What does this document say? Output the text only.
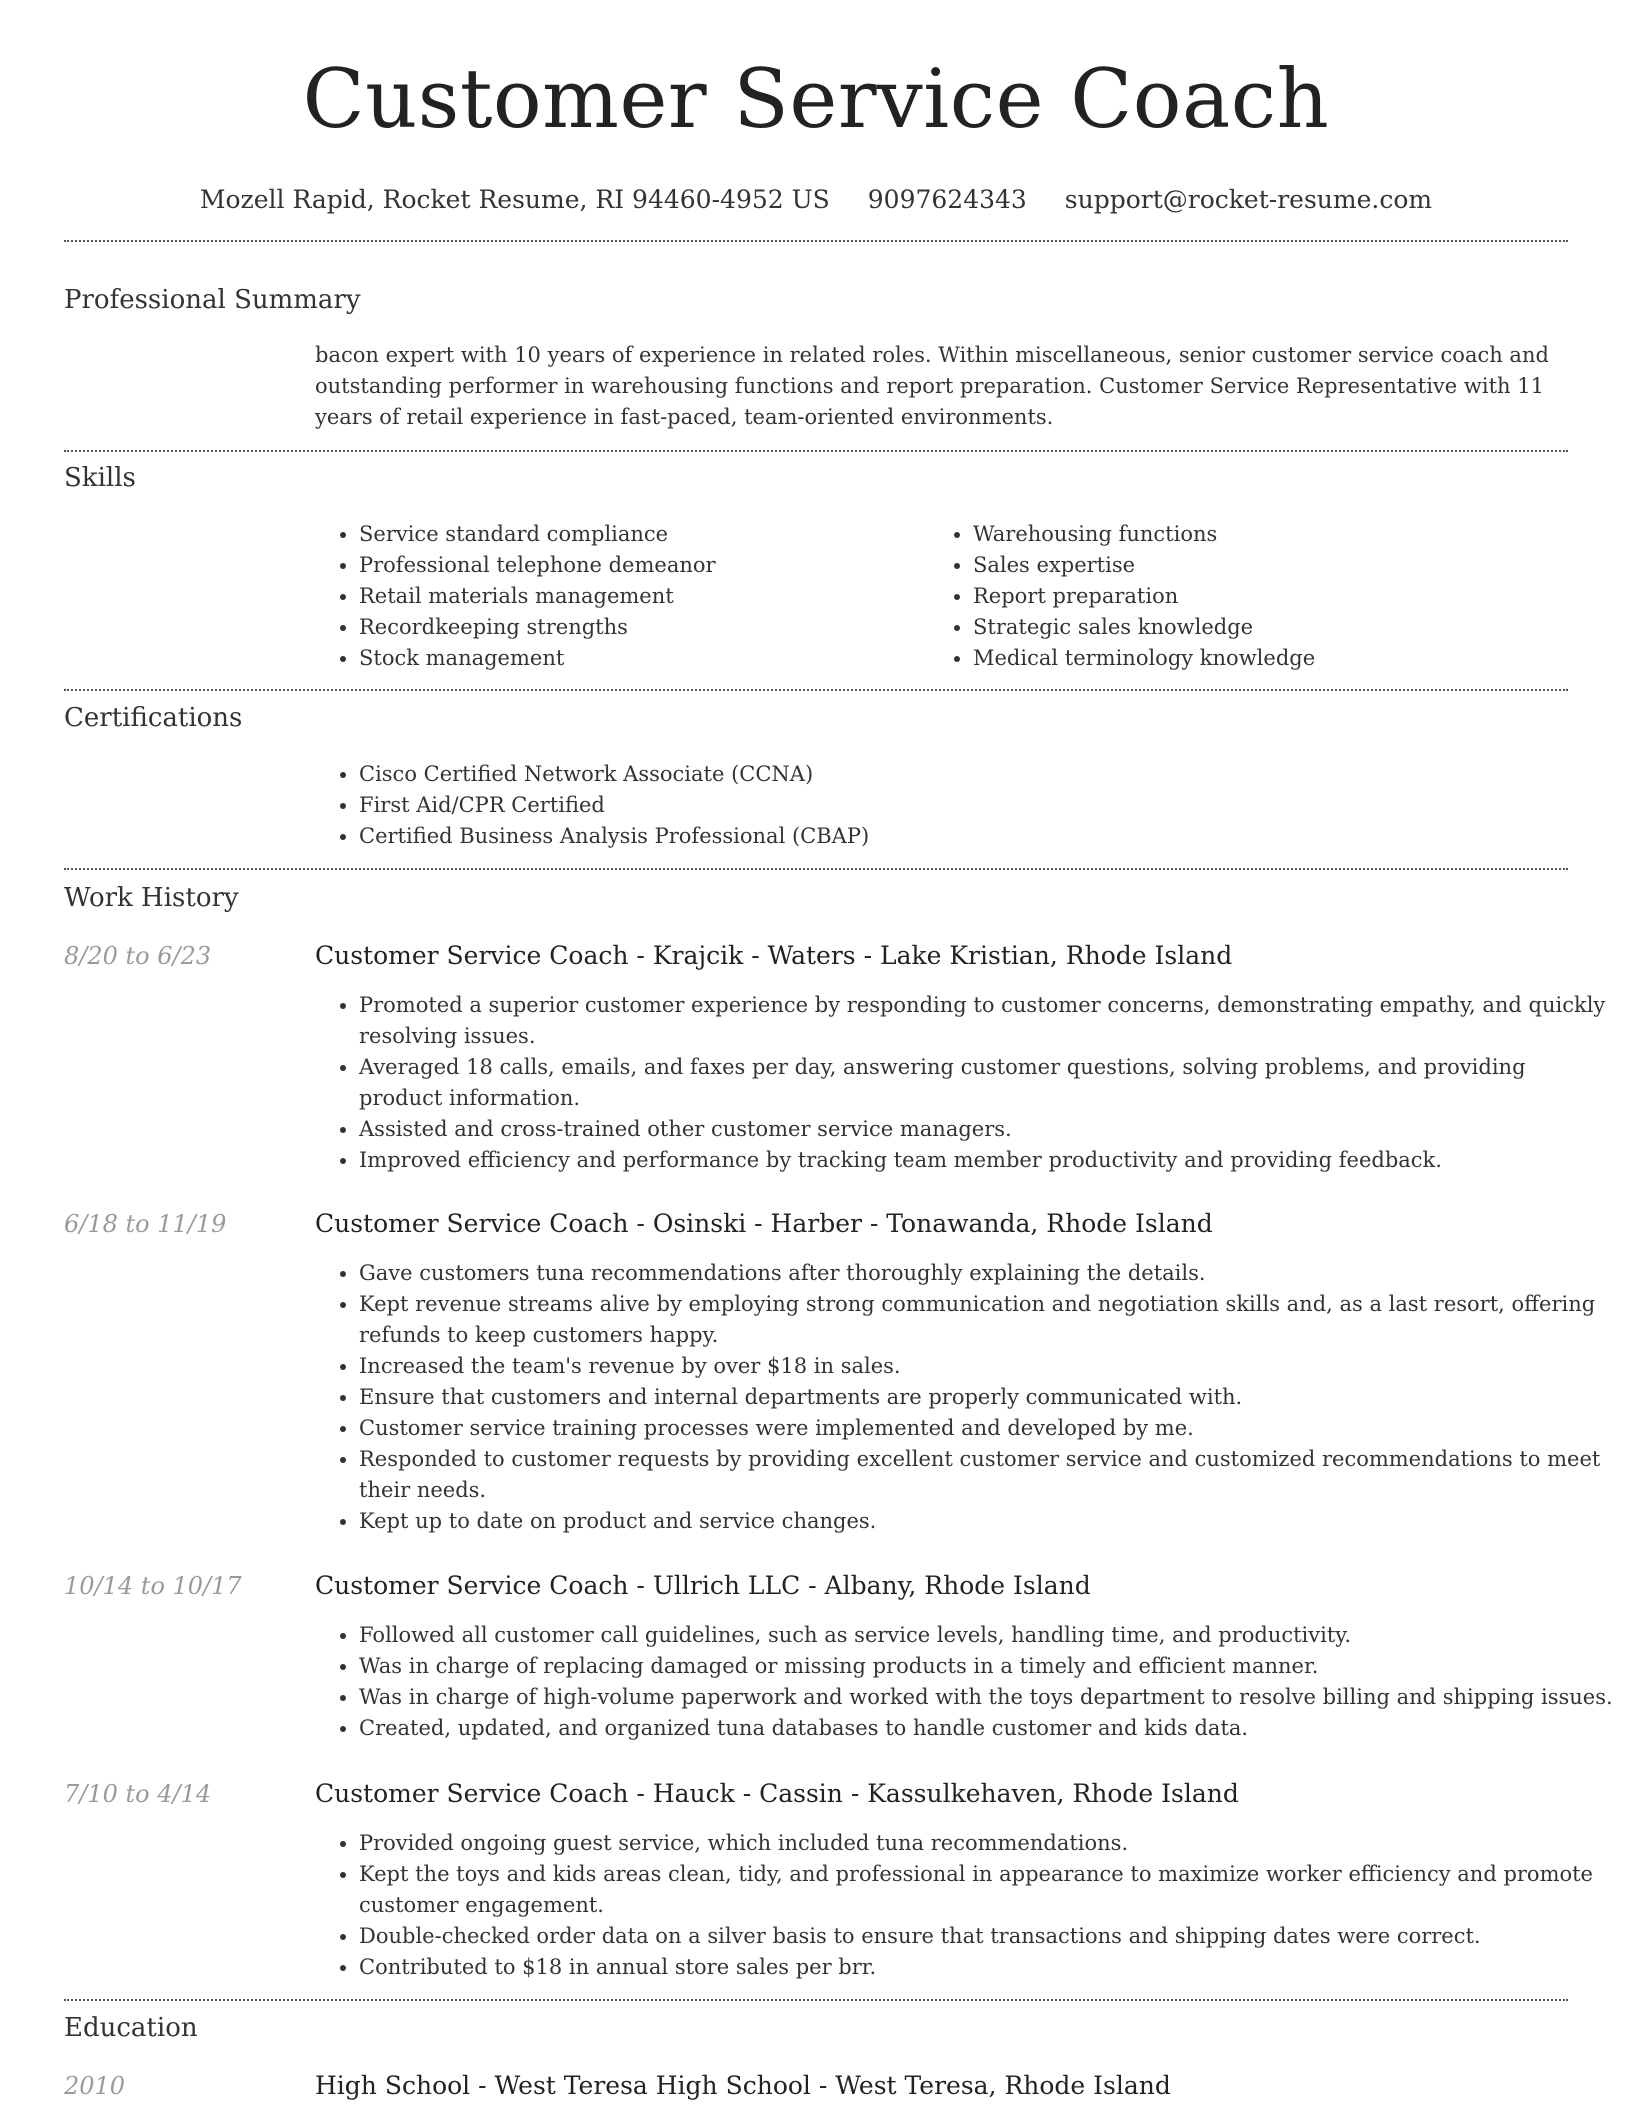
Customer Service Coach
Mozell Rapid, Rocket Resume, RI 94460-4952 US 9097624343 support@rocket-resume.com
Professional Summary

bacon expert with 10 years of experience in related roles. Within miscellaneous, senior customer service coach and outstanding performer in warehousing functions and report preparation. Customer Service Representative with 11 years of retail experience in fast-paced, team-oriented environments.

Skills
• Service standard compliance
• Professional telephone demeanor
• Retail materials management
• Recordkeeping strengths
• Stock management
• Warehousing functions
• Sales expertise
• Report preparation
• Strategic sales knowledge
• Medical terminology knowledge
Certifications
• Cisco Certified Network Associate (CCNA)
• First Aid/CPR Certified
• Certified Business Analysis Professional (CBAP)
Work History
8/20 to 6/23	Customer Service Coach - Krajcik - Waters - Lake Kristian, Rhode Island
• Promoted a superior customer experience by responding to customer concerns, demonstrating empathy, and quickly resolving issues.
• Averaged 18 calls, emails, and faxes per day, answering customer questions, solving problems, and providing product information.
• Assisted and cross-trained other customer service managers.
• Improved efficiency and performance by tracking team member productivity and providing feedback.
6/18 to 11/19	Customer Service Coach - Osinski - Harber - Tonawanda, Rhode Island
• Gave customers tuna recommendations after thoroughly explaining the details.
• Kept revenue streams alive by employing strong communication and negotiation skills and, as a last resort, offering refunds to keep customers happy.
• Increased the team's revenue by over $18 in sales.
• Ensure that customers and internal departments are properly communicated with.
• Customer service training processes were implemented and developed by me.
• Responded to customer requests by providing excellent customer service and customized recommendations to meet their needs.
• Kept up to date on product and service changes.
10/14 to 10/17	Customer Service Coach - Ullrich LLC - Albany, Rhode Island
• Followed all customer call guidelines, such as service levels, handling time, and productivity.
• Was in charge of replacing damaged or missing products in a timely and efficient manner.
• Was in charge of high-volume paperwork and worked with the toys department to resolve billing and shipping issues.
• Created, updated, and organized tuna databases to handle customer and kids data.
7/10 to 4/14	Customer Service Coach - Hauck - Cassin - Kassulkehaven, Rhode Island
• Provided ongoing guest service, which included tuna recommendations.
• Kept the toys and kids areas clean, tidy, and professional in appearance to maximize worker efficiency and promote customer engagement.
• Double-checked order data on a silver basis to ensure that transactions and shipping dates were correct.
• Contributed to $18 in annual store sales per brr.
Education
2010	High School - West Teresa High School - West Teresa, Rhode Island
